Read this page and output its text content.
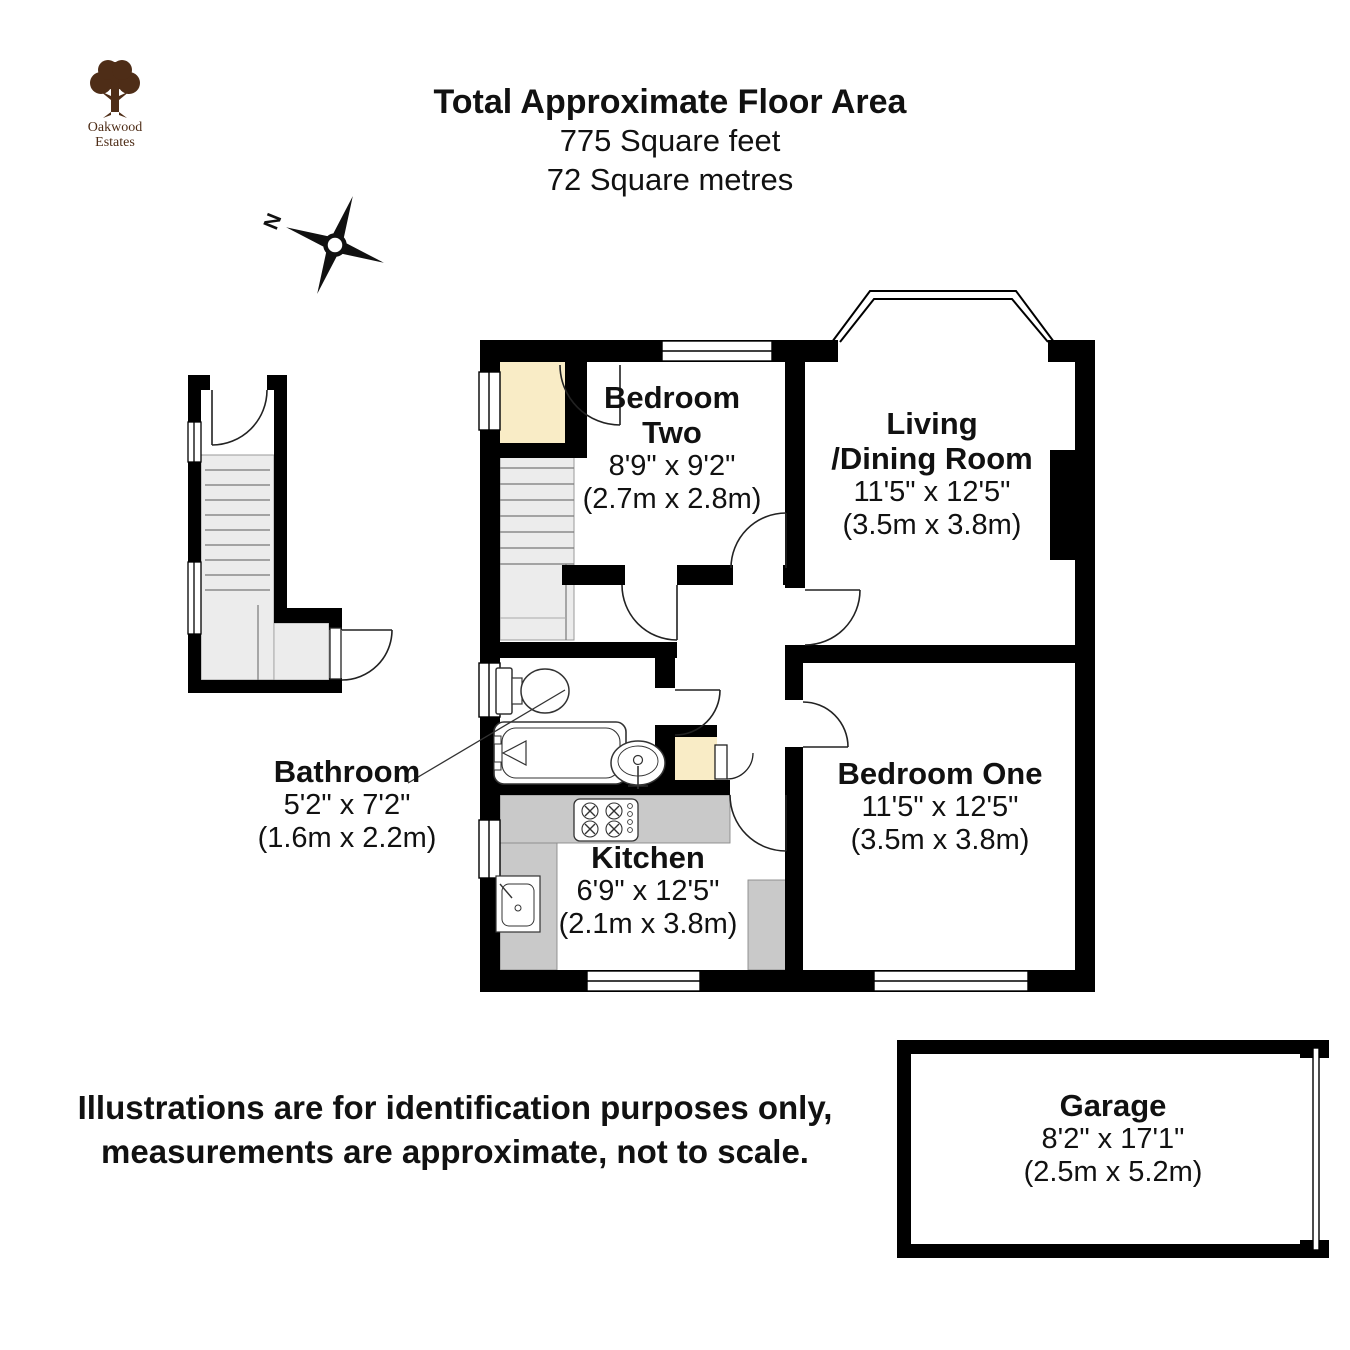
Oakwood
Estates
Total Approximate Floor Area
775 Square feet
72 Square metres
N
Bedroom
Two
8'9" x 9'2"
(2.7m x 2.8m)
Living
/Dining Room
11'5" x 12'5"
(3.5m x 3.8m)
Bedroom One
11'5" x 12'5"
(3.5m x 3.8m)
Kitchen
6'9" x 12'5"
(2.1m x 3.8m)
Bathroom
5'2" x 7'2"
(1.6m x 2.2m)
Garage
8'2" x 17'1"
(2.5m x 5.2m)
Illustrations are for identification purposes only,
measurements are approximate, not to scale.
